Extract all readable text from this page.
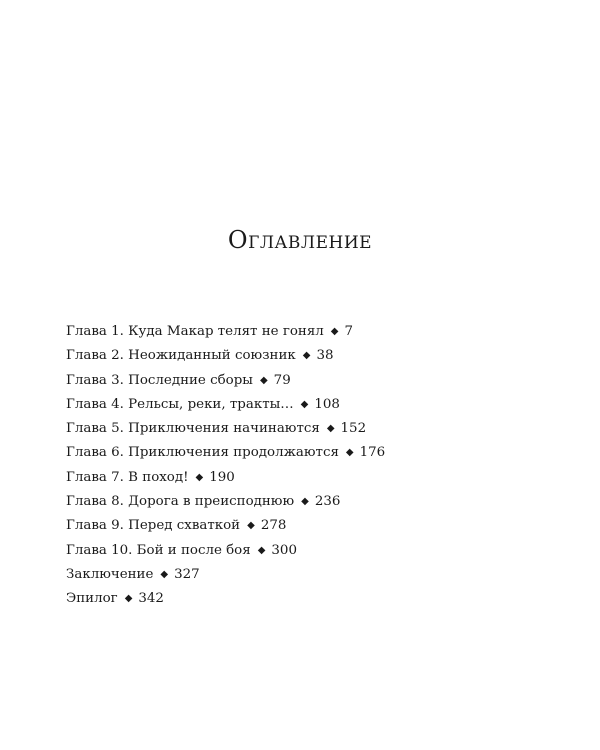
Оглавление
Глава 1. Куда Макар телят не гонял ◆ 7
Глава 2. Неожиданный союзник ◆ 38
Глава 3. Последние сборы ◆ 79
Глава 4. Рельсы, реки, тракты… ◆ 108
Глава 5. Приключения начинаются ◆ 152
Глава 6. Приключения продолжаются ◆ 176
Глава 7. В поход! ◆ 190
Глава 8. Дорога в преисподнюю ◆ 236
Глава 9. Перед схваткой ◆ 278
Глава 10. Бой и после боя ◆ 300
Заключение ◆ 327
Эпилог ◆ 342
